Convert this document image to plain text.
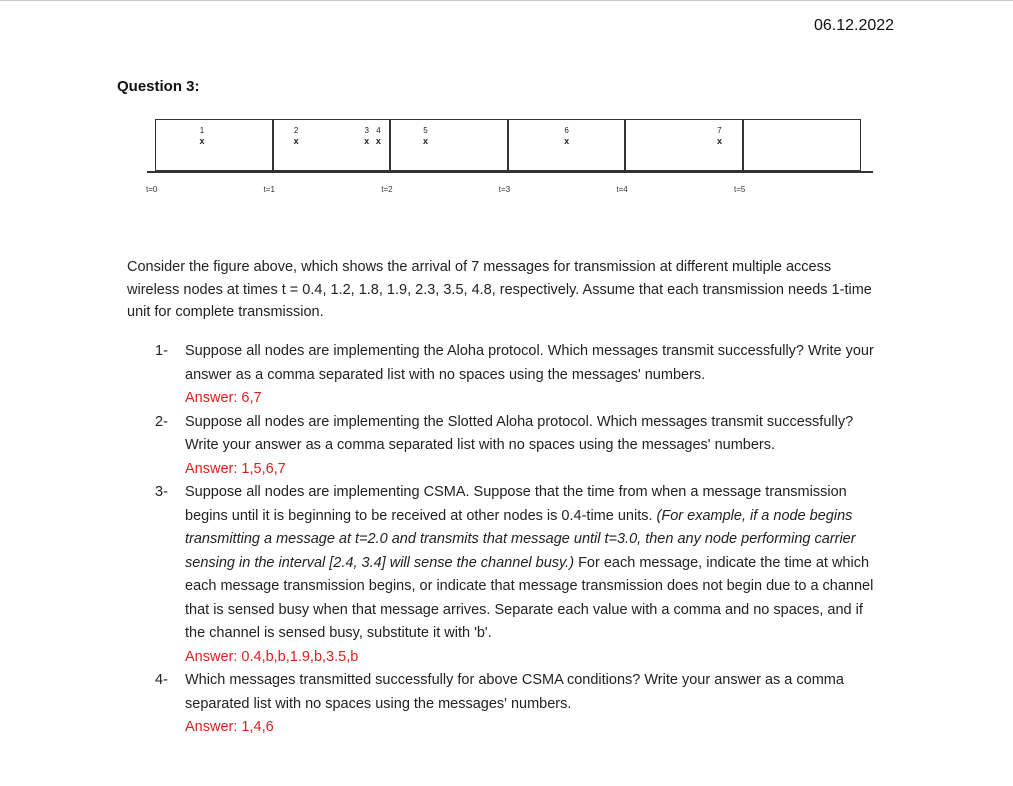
06.12.2022
Question 3:
1
x
2
x
3
x
4
x
5
x
6
x
7
x
t=0	t=1	t=2	t=3	t=4	t=5
Consider the figure above, which shows the arrival of 7 messages for transmission at different multiple access wireless nodes at times t = 0.4, 1.2, 1.8, 1.9, 2.3, 3.5, 4.8, respectively. Assume that each transmission needs 1-time unit for complete transmission.
1- Suppose all nodes are implementing the Aloha protocol. Which messages transmit successfully? Write your answer as a comma separated list with no spaces using the messages' numbers.
Answer: 6,7
2- Suppose all nodes are implementing the Slotted Aloha protocol. Which messages transmit successfully? Write your answer as a comma separated list with no spaces using the messages' numbers.
Answer: 1,5,6,7
3- Suppose all nodes are implementing CSMA. Suppose that the time from when a message transmission begins until it is beginning to be received at other nodes is 0.4-time units. (For example, if a node begins transmitting a message at t=2.0 and transmits that message until t=3.0, then any node performing carrier sensing in the interval [2.4, 3.4] will sense the channel busy.) For each message, indicate the time at which each message transmission begins, or indicate that message transmission does not begin due to a channel that is sensed busy when that message arrives. Separate each value with a comma and no spaces, and if the channel is sensed busy, substitute it with 'b'.
Answer: 0.4,b,b,1.9,b,3.5,b
4- Which messages transmitted successfully for above CSMA conditions? Write your answer as a comma separated list with no spaces using the messages' numbers.
Answer: 1,4,6
